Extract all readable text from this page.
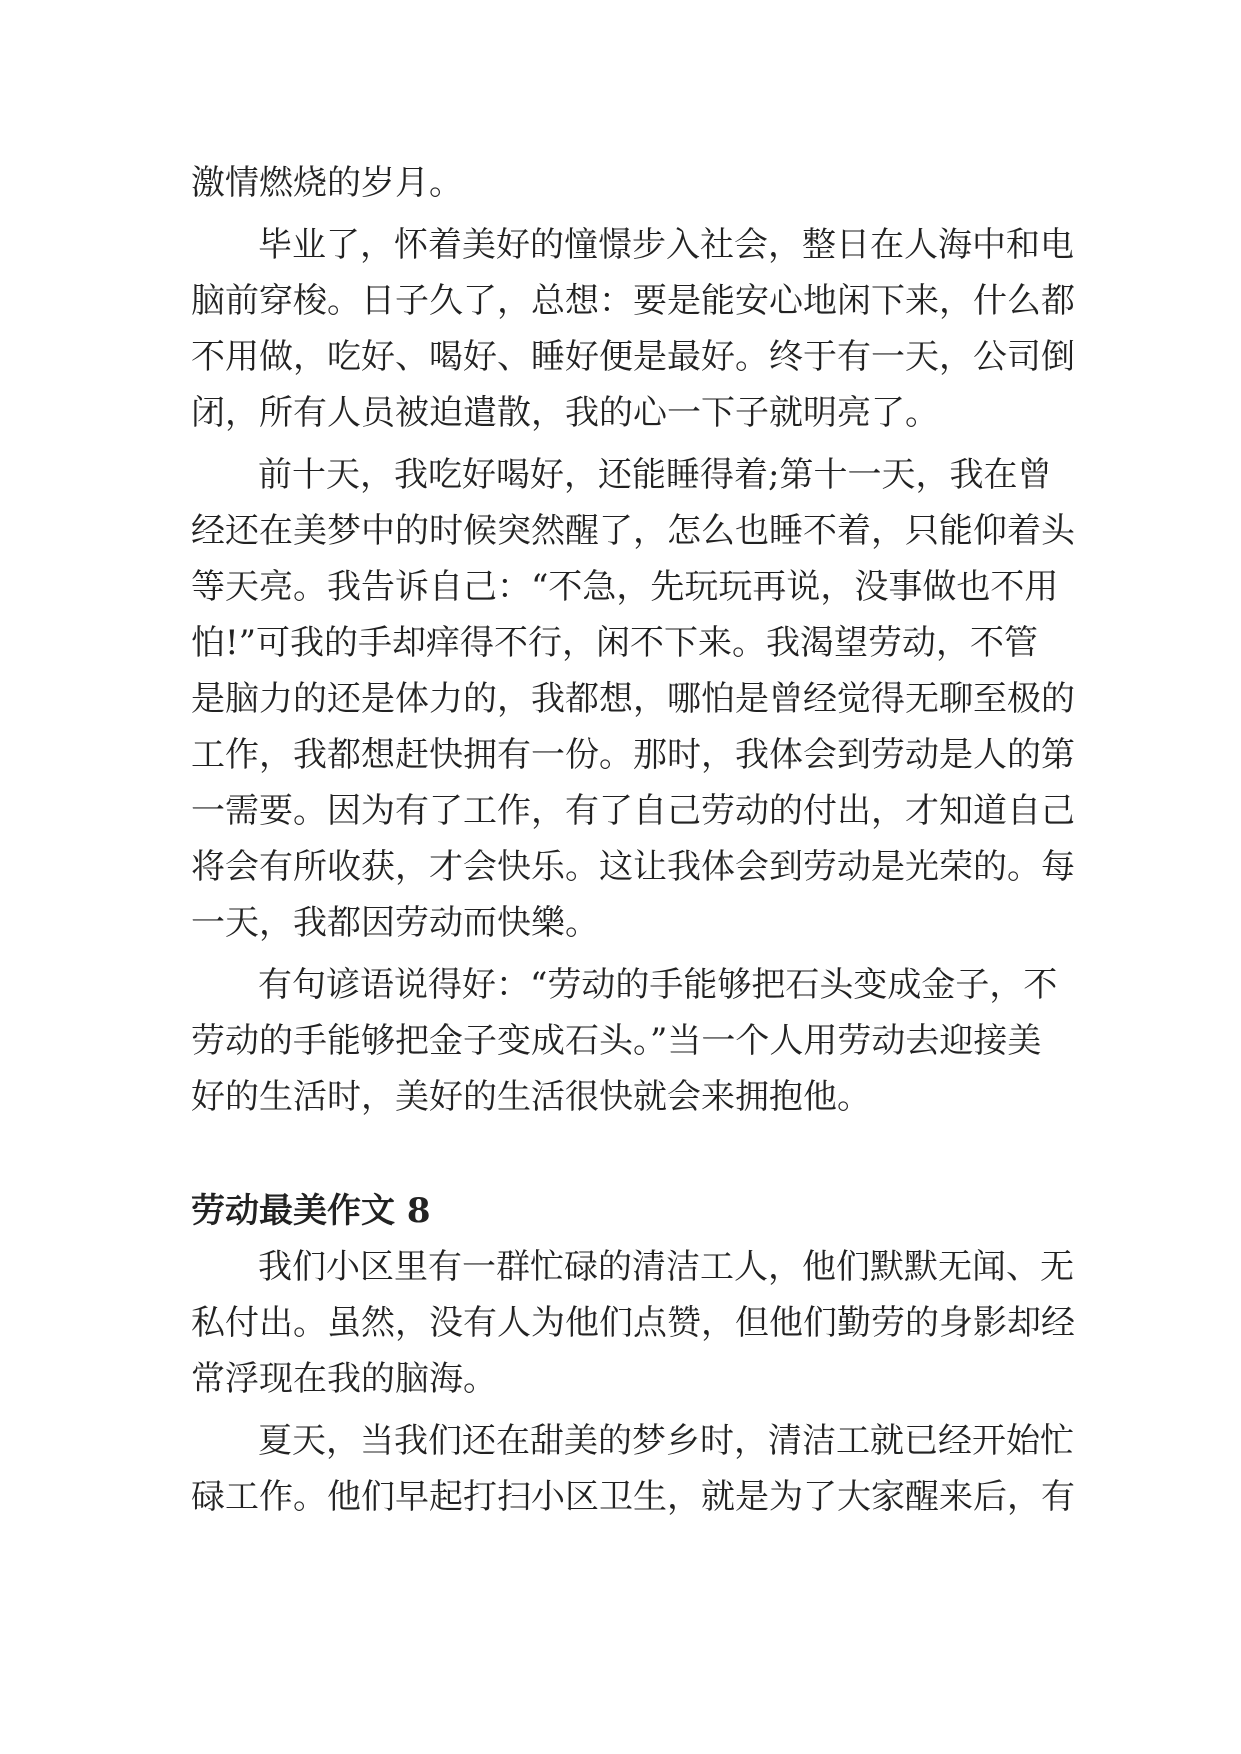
激情燃烧的岁月。

毕业了，怀着美好的憧憬步入社会，整日在人海中和电

脑前穿梭。日子久了，总想：要是能安心地闲下来，什么都

不用做，吃好、喝好、睡好便是最好。终于有一天，公司倒

闭，所有人员被迫遣散，我的心一下子就明亮了。

前十天，我吃好喝好，还能睡得着;第十一天，我在曾

经还在美梦中的时候突然醒了，怎么也睡不着，只能仰着头

等天亮。我告诉自己：“不急，先玩玩再说，没事做也不用

怕!”可我的手却痒得不行，闲不下来。我渴望劳动，不管

是脑力的还是体力的，我都想，哪怕是曾经觉得无聊至极的

工作，我都想赶快拥有一份。那时，我体会到劳动是人的第

一需要。因为有了工作，有了自己劳动的付出，才知道自己

将会有所收获，才会快乐。这让我体会到劳动是光荣的。每

一天，我都因劳动而快樂。

有句谚语说得好：“劳动的手能够把石头变成金子，不

劳动的手能够把金子变成石头。”当一个人用劳动去迎接美

好的生活时，美好的生活很快就会来拥抱他。

劳动最美作文 8

我们小区里有一群忙碌的清洁工人，他们默默无闻、无

私付出。虽然，没有人为他们点赞，但他们勤劳的身影却经

常浮现在我的脑海。

夏天，当我们还在甜美的梦乡时，清洁工就已经开始忙

碌工作。他们早起打扫小区卫生，就是为了大家醒来后，有
